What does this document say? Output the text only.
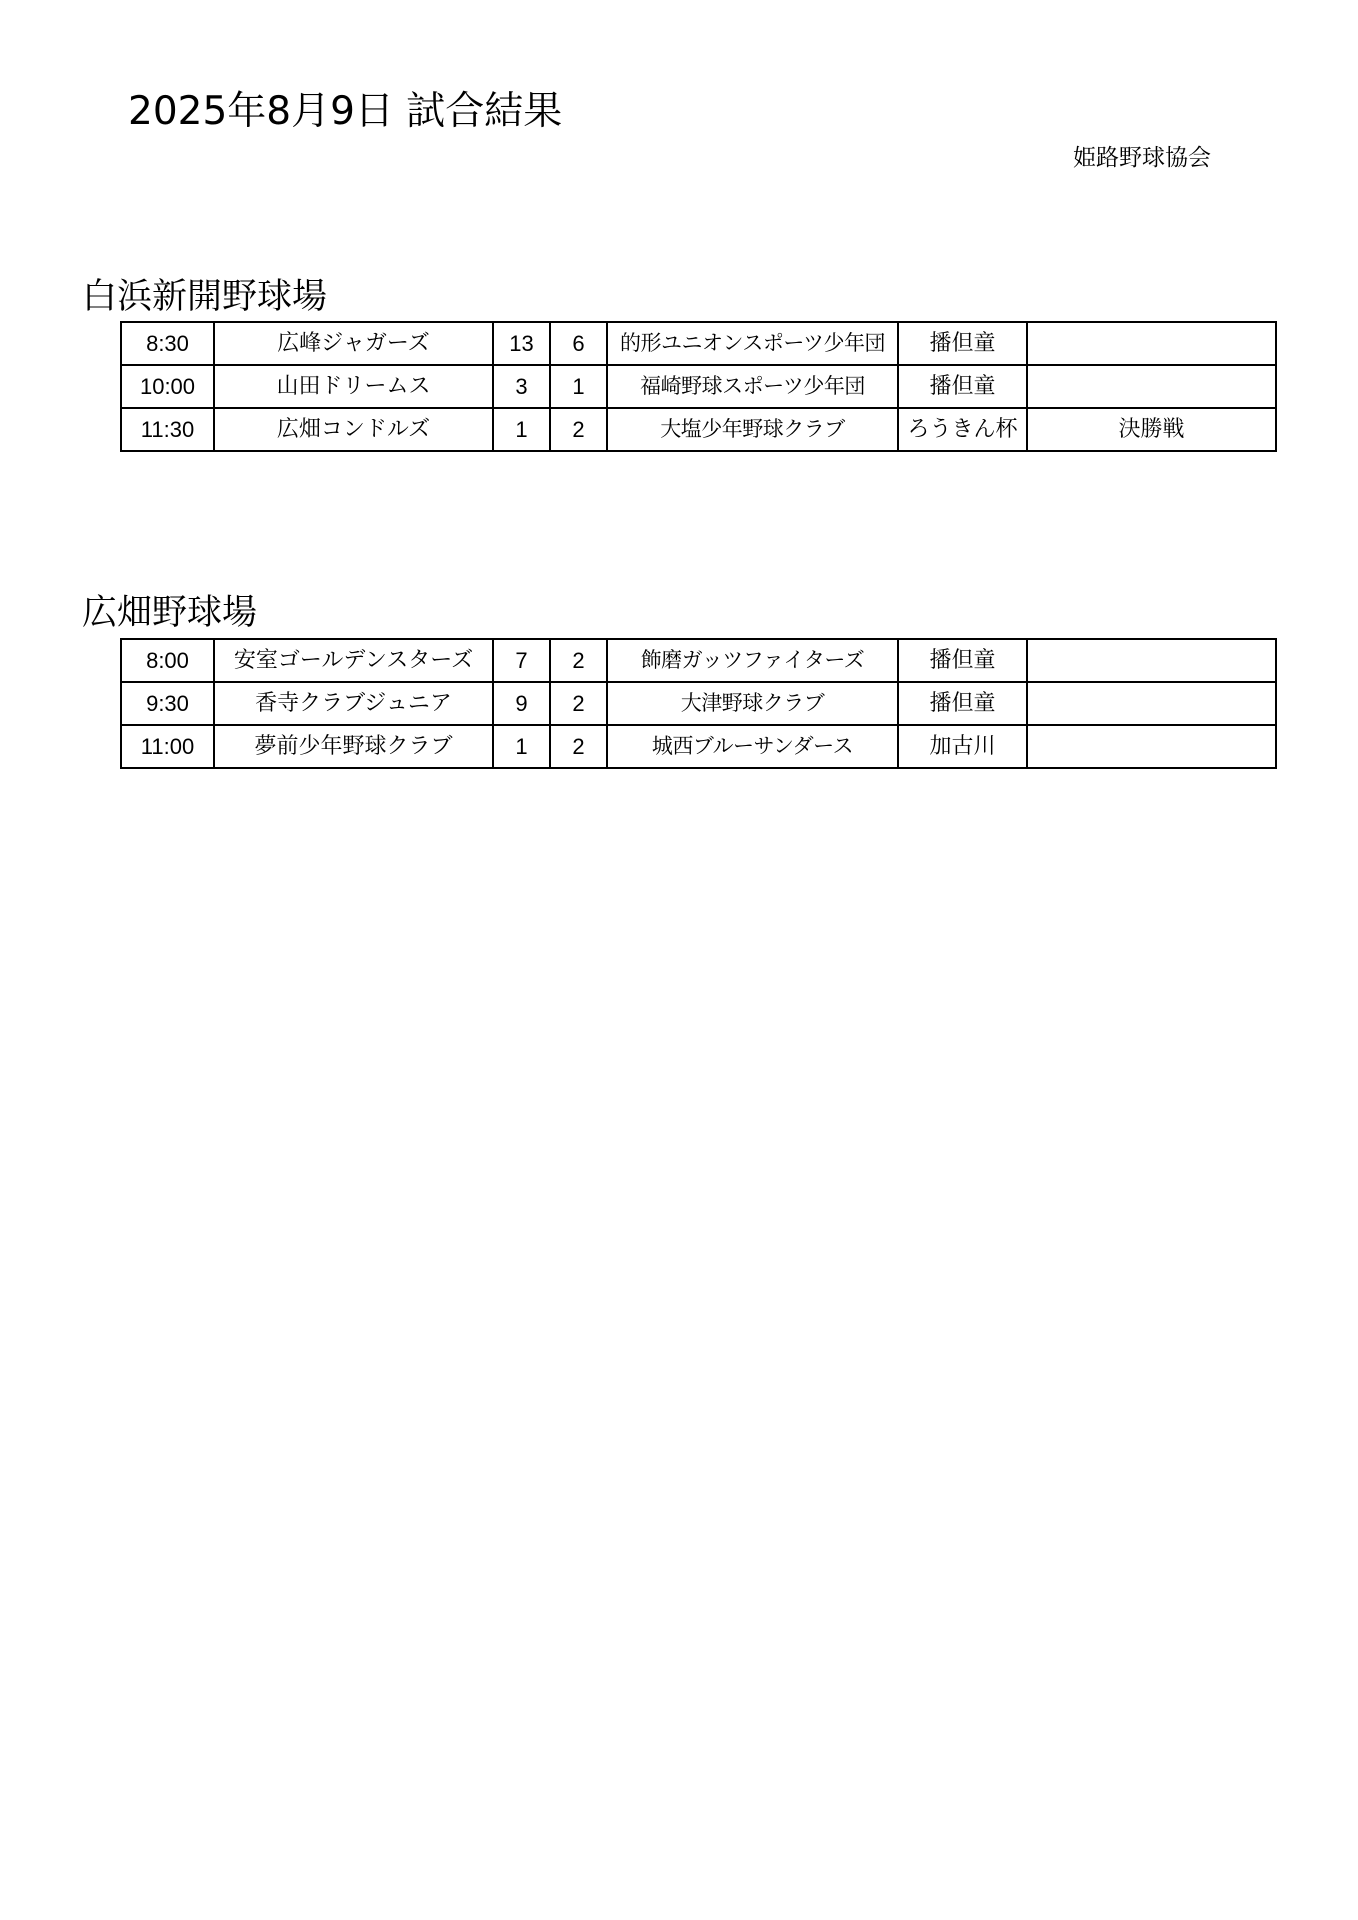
2025年8月9日 試合結果
姫路野球協会
白浜新開野球場
8:30	広峰ジャガーズ	13	6	的形ユニオンスポーツ少年団	播但童	
10:00	山田ドリームス	3	1	福崎野球スポーツ少年団	播但童	
11:30	広畑コンドルズ	1	2	大塩少年野球クラブ	ろうきん杯	決勝戦
広畑野球場
8:00	安室ゴールデンスターズ	7	2	飾磨ガッツファイターズ	播但童	
9:30	香寺クラブジュニア	9	2	大津野球クラブ	播但童	
11:00	夢前少年野球クラブ	1	2	城西ブルーサンダース	加古川	
